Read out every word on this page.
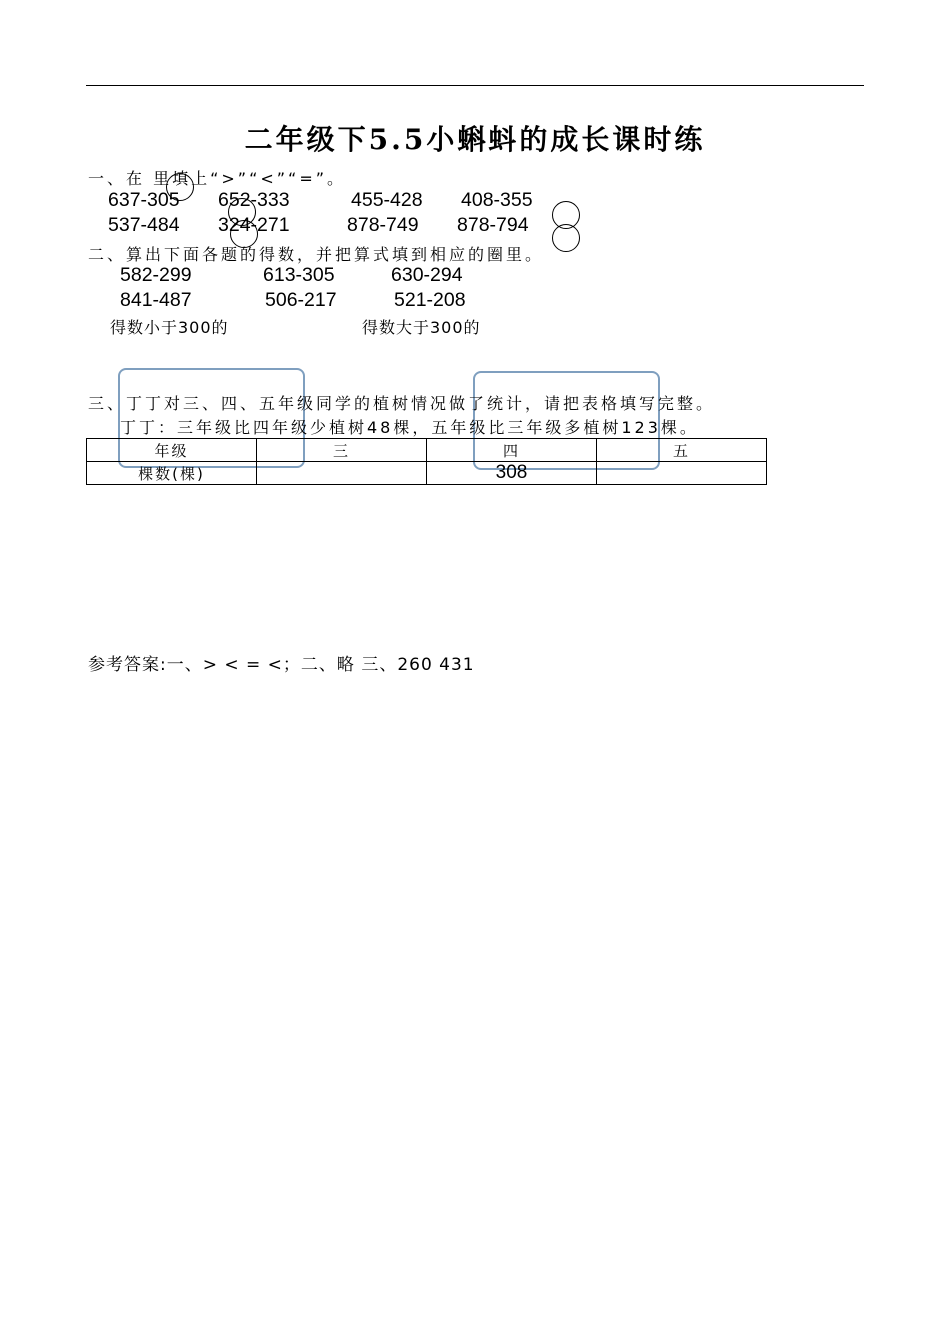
二年级下5.5小蝌蚪的成长课时练
一、在 里填上“>”“<”“=”。
637-305 652-333	455-428 408-355
537-484 324-271	878-749 878-794
二、算出下面各题的得数，并把算式填到相应的圈里。
582-299	613-305	630-294
841-487	506-217	521-208
得数小于300的	得数大于300的
三、丁丁对三、四、五年级同学的植树情况做了统计，请把表格填写完整。
丁丁：三年级比四年级少植树48棵，五年级比三年级多植树123棵。
年级	三	四	五
棵数(棵)		308	
参考答案:一、> < = <；二、略 三、260 431
